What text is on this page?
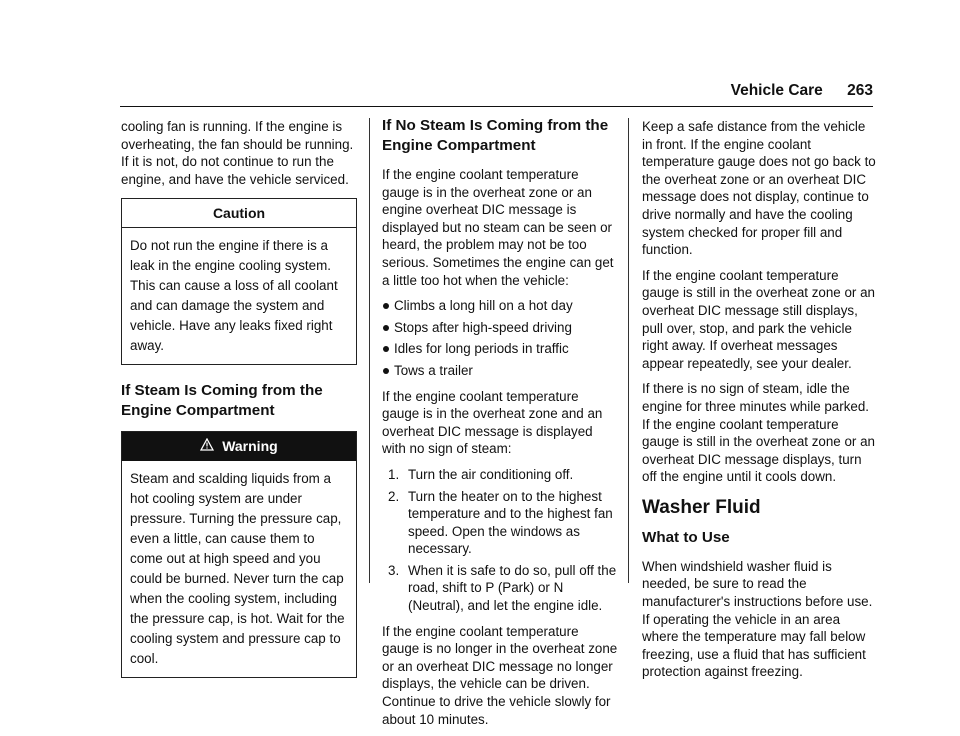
Vehicle Care 263

cooling fan is running. If the engine is overheating, the fan should be running. If it is not, do not continue to run the engine, and have the vehicle serviced.

Caution
Do not run the engine if there is a leak in the engine cooling system. This can cause a loss of all coolant and can damage the system and vehicle. Have any leaks fixed right away.
If Steam Is Coming from the Engine Compartment
Warning
Steam and scalding liquids from a hot cooling system are under pressure. Turning the pressure cap, even a little, can cause them to come out at high speed and you could be burned. Never turn the cap when the cooling system, including the pressure cap, is hot. Wait for the cooling system and pressure cap to cool.
If No Steam Is Coming from the Engine Compartment

If the engine coolant temperature gauge is in the overheat zone or an engine overheat DIC message is displayed but no steam can be seen or heard, the problem may not be too serious. Sometimes the engine can get a little too hot when the vehicle:

Climbs a long hill on a hot day
Stops after high-speed driving
Idles for long periods in traffic
Tows a trailer

If the engine coolant temperature gauge is in the overheat zone and an overheat DIC message is displayed with no sign of steam:

1. Turn the air conditioning off.
2. Turn the heater on to the highest temperature and to the highest fan speed. Open the windows as necessary.
3. When it is safe to do so, pull off the road, shift to P (Park) or N (Neutral), and let the engine idle.

If the engine coolant temperature gauge is no longer in the overheat zone or an overheat DIC message no longer displays, the vehicle can be driven. Continue to drive the vehicle slowly for about 10 minutes.

Keep a safe distance from the vehicle in front. If the engine coolant temperature gauge does not go back to the overheat zone or an overheat DIC message does not display, continue to drive normally and have the cooling system checked for proper fill and function.

If the engine coolant temperature gauge is still in the overheat zone or an overheat DIC message still displays, pull over, stop, and park the vehicle right away. If overheat messages appear repeatedly, see your dealer.

If there is no sign of steam, idle the engine for three minutes while parked. If the engine coolant temperature gauge is still in the overheat zone or an overheat DIC message displays, turn off the engine until it cools down.

Washer Fluid
What to Use

When windshield washer fluid is needed, be sure to read the manufacturer's instructions before use. If operating the vehicle in an area where the temperature may fall below freezing, use a fluid that has sufficient protection against freezing.
